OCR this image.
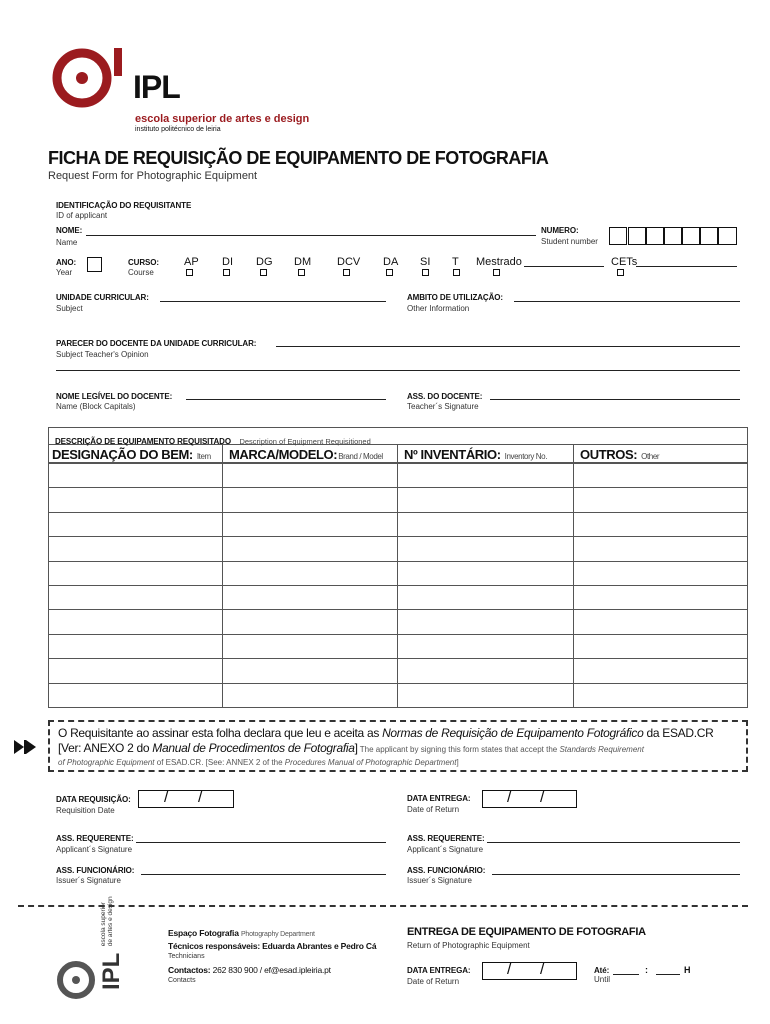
IPL
escola superior de artes e design
instituto politécnico de leiria
FICHA DE REQUISIÇÃO DE EQUIPAMENTO DE FOTOGRAFIA
Request Form for Photographic Equipment
IDENTIFICAÇÃO DO REQUISITANTE
ID of applicant
NOME:
Name
NUMERO:
Student number
ANO:
Year
CURSO:
Course
AP DI DG DM DCV DA SI T Mestrado	CETs
UNIDADE CURRICULAR:
Subject
AMBITO DE UTILIZAÇÃO:
Other Information
PARECER DO DOCENTE DA UNIDADE CURRICULAR:
Subject Teacher's Opinion
NOME LEGÍVEL DO DOCENTE:
Name (Block Capitals)
ASS. DO DOCENTE:
Teacher´s Signature
DESCRIÇÃO DE EQUIPAMENTO REQUISITADO Description of Equipment Requisitioned
DESIGNAÇÃO DO BEM: Item MARCA/MODELO:Brand / Model Nº INVENTÁRIO: Inventory No.	OUTROS: Other

O Requisitante ao assinar esta folha declara que leu e aceita as Normas de Requisição de Equipamento Fotográfico da ESAD.CR
[Ver: ANEXO 2 do Manual de Procedimentos de Fotografia] The applicant by signing this form states that accept the Standards Requirement
of Photographic Equipment of ESAD.CR. [See: ANNEX 2 of the Procedures Manual of Photographic Department]
DATA REQUISIÇÃO:
Requisition Date
/ /	DATA ENTREGA:
Date of Return
/ /
ASS. REQUERENTE:
Applicant´s Signature
ASS. REQUERENTE:
Applicant´s Signature
ASS. FUNCIONÁRIO:
Issuer´s Signature
ASS. FUNCIONÁRIO:
Issuer´s Signature
IPL escola superior
de artes e design	Espaço Fotografia Photography Department
Técnicos responsáveis: Eduarda Abrantes e Pedro Cá
Technicians
Contactos: 262 830 900 / ef@esad.ipleiria.pt
Contacts
ENTREGA DE EQUIPAMENTO DE FOTOGRAFIA
Return of Photographic Equipment
DATA ENTREGA:
Date of Return
/ /	Até:
Until
:	H
